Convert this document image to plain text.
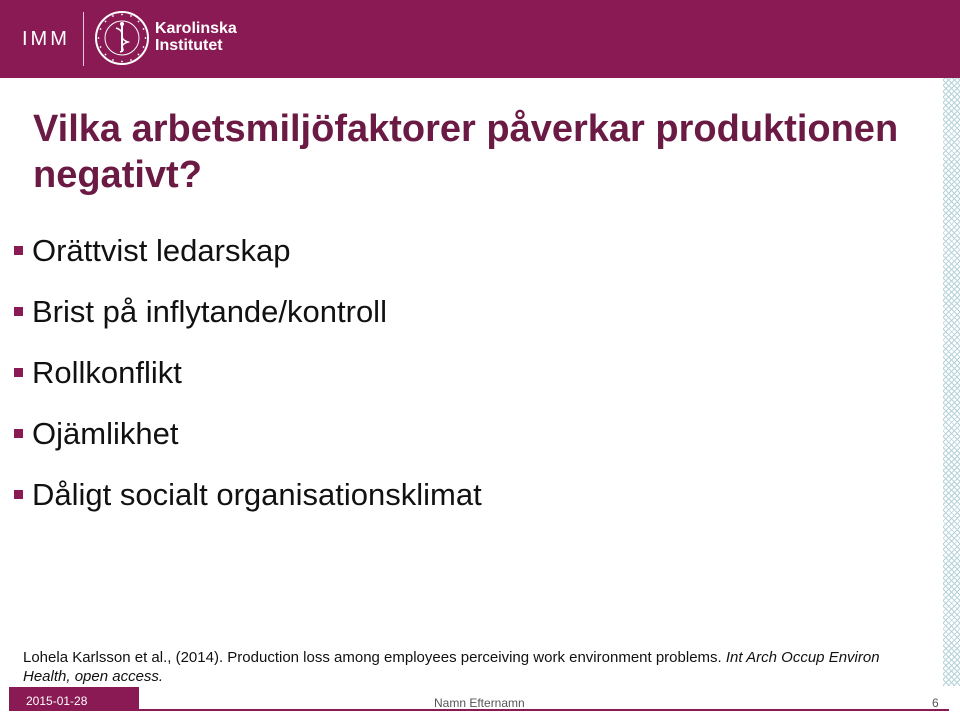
IMM	Karolinska
Institutet
Vilka arbetsmiljöfaktorer påverkar produktionen negativt?
Orättvist ledarskap
Brist på inflytande/kontroll
Rollkonflikt
Ojämlikhet
Dåligt socialt organisationsklimat
Lohela Karlsson et al., (2014). Production loss among employees perceiving work environment problems. Int Arch Occup Environ Health, open access.
2015-01-28	Namn Efternamn	6
